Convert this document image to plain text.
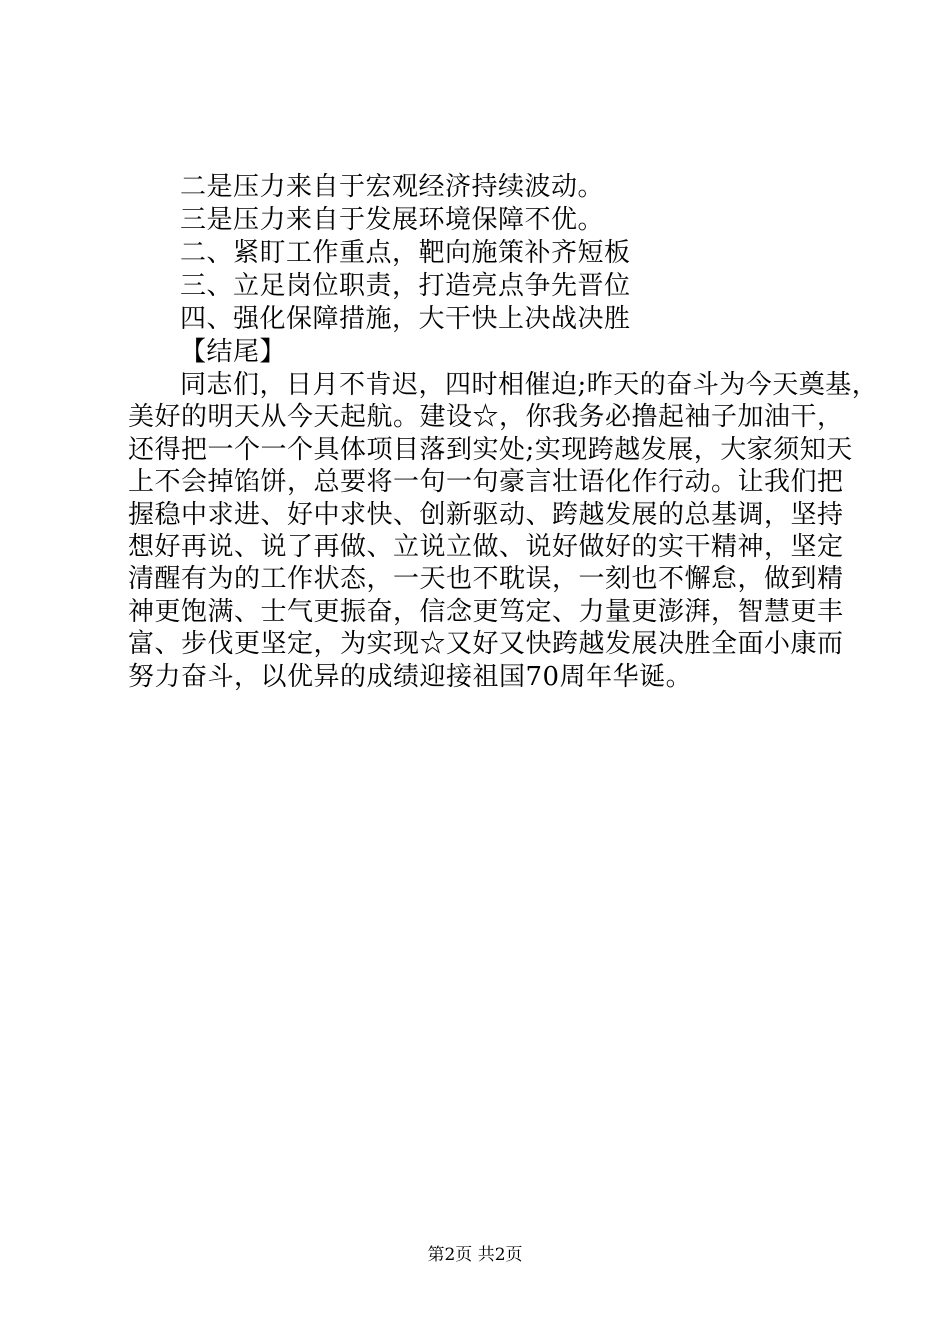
二是压力来自于宏观经济持续波动。
三是压力来自于发展环境保障不优。
二、紧盯工作重点，靶向施策补齐短板
三、立足岗位职责，打造亮点争先晋位
四、强化保障措施，大干快上决战决胜
【结尾】
同志们，日月不肯迟，四时相催迫;昨天的奋斗为今天奠基，
美好的明天从今天起航。建设☆，你我务必撸起袖子加油干，
还得把一个一个具体项目落到实处;实现跨越发展，大家须知天
上不会掉馅饼，总要将一句一句豪言壮语化作行动。让我们把
握稳中求进、好中求快、创新驱动、跨越发展的总基调，坚持
想好再说、说了再做、立说立做、说好做好的实干精神，坚定
清醒有为的工作状态，一天也不耽误，一刻也不懈怠，做到精
神更饱满、士气更振奋，信念更笃定、力量更澎湃，智慧更丰
富、步伐更坚定，为实现☆又好又快跨越发展决胜全面小康而
努力奋斗，以优异的成绩迎接祖国70周年华诞。
第2页 共2页
